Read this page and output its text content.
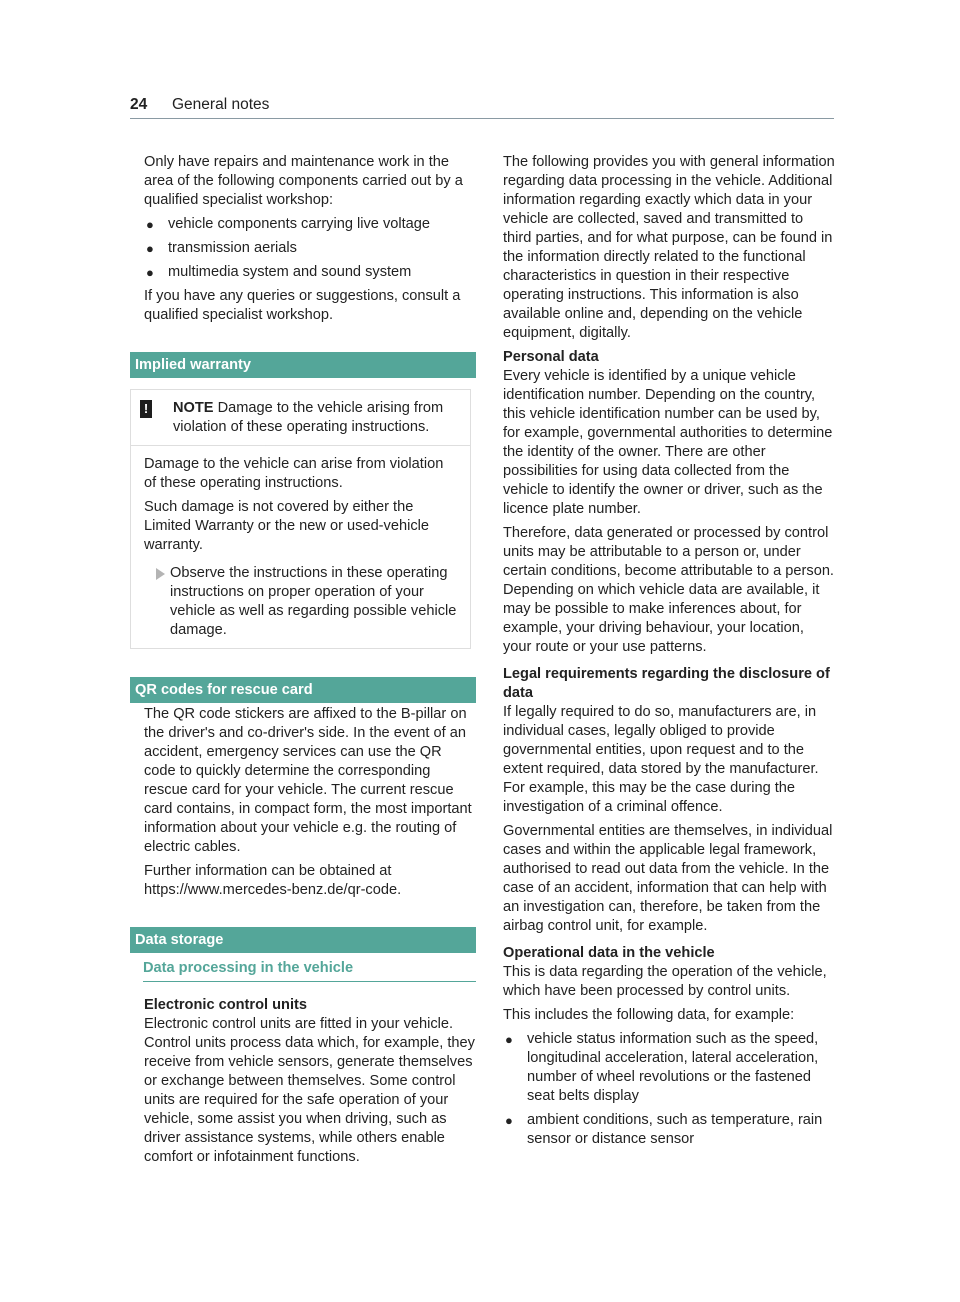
24 General notes

Only have repairs and maintenance work in the area of the following components carried out by a qualified specialist workshop:

● vehicle components carrying live voltage
● transmission aerials
● multimedia system and sound system

If you have any queries or suggestions, consult a qualified specialist workshop.

Implied warranty
! NOTE Damage to the vehicle arising from violation of these operating instructions.

Damage to the vehicle can arise from violation of these operating instructions.

Such damage is not covered by either the Limited Warranty or the new or used-vehicle warranty.

Observe the instructions in these operating instructions on proper operation of your vehicle as well as regarding possible vehicle damage.
QR codes for rescue card

The QR code stickers are affixed to the B-pillar on the driver's and co-driver's side. In the event of an accident, emergency services can use the QR code to quickly determine the corresponding rescue card for your vehicle. The current rescue card contains, in compact form, the most important information about your vehicle e.g. the routing of electric cables.

Further information can be obtained at https://www.mercedes-benz.de/qr-code.

Data storage
Data processing in the vehicle
Electronic control units

Electronic control units are fitted in your vehicle. Control units process data which, for example, they receive from vehicle sensors, generate themselves or exchange between themselves. Some control units are required for the safe operation of your vehicle, some assist you when driving, such as driver assistance systems, while others enable comfort or infotainment functions.

The following provides you with general information regarding data processing in the vehicle. Additional information regarding exactly which data in your vehicle are collected, saved and transmitted to third parties, and for what purpose, can be found in the information directly related to the functional characteristics in question in their respective operating instructions. This information is also available online and, depending on the vehicle equipment, digitally.

Personal data

Every vehicle is identified by a unique vehicle identification number. Depending on the country, this vehicle identification number can be used by, for example, governmental authorities to determine the identity of the owner. There are other possibilities for using data collected from the vehicle to identify the owner or driver, such as the licence plate number.

Therefore, data generated or processed by control units may be attributable to a person or, under certain conditions, become attributable to a person. Depending on which vehicle data are available, it may be possible to make inferences about, for example, your driving behaviour, your location, your route or your use patterns.

Legal requirements regarding the disclosure of data

If legally required to do so, manufacturers are, in individual cases, legally obliged to provide governmental entities, upon request and to the extent required, data stored by the manufacturer. For example, this may be the case during the investigation of a criminal offence.

Governmental entities are themselves, in individual cases and within the applicable legal framework, authorised to read out data from the vehicle. In the case of an accident, information that can help with an investigation can, therefore, be taken from the airbag control unit, for example.

Operational data in the vehicle

This is data regarding the operation of the vehicle, which have been processed by control units.

This includes the following data, for example:

● vehicle status information such as the speed, longitudinal acceleration, lateral acceleration, number of wheel revolutions or the fastened seat belts display
● ambient conditions, such as temperature, rain sensor or distance sensor
